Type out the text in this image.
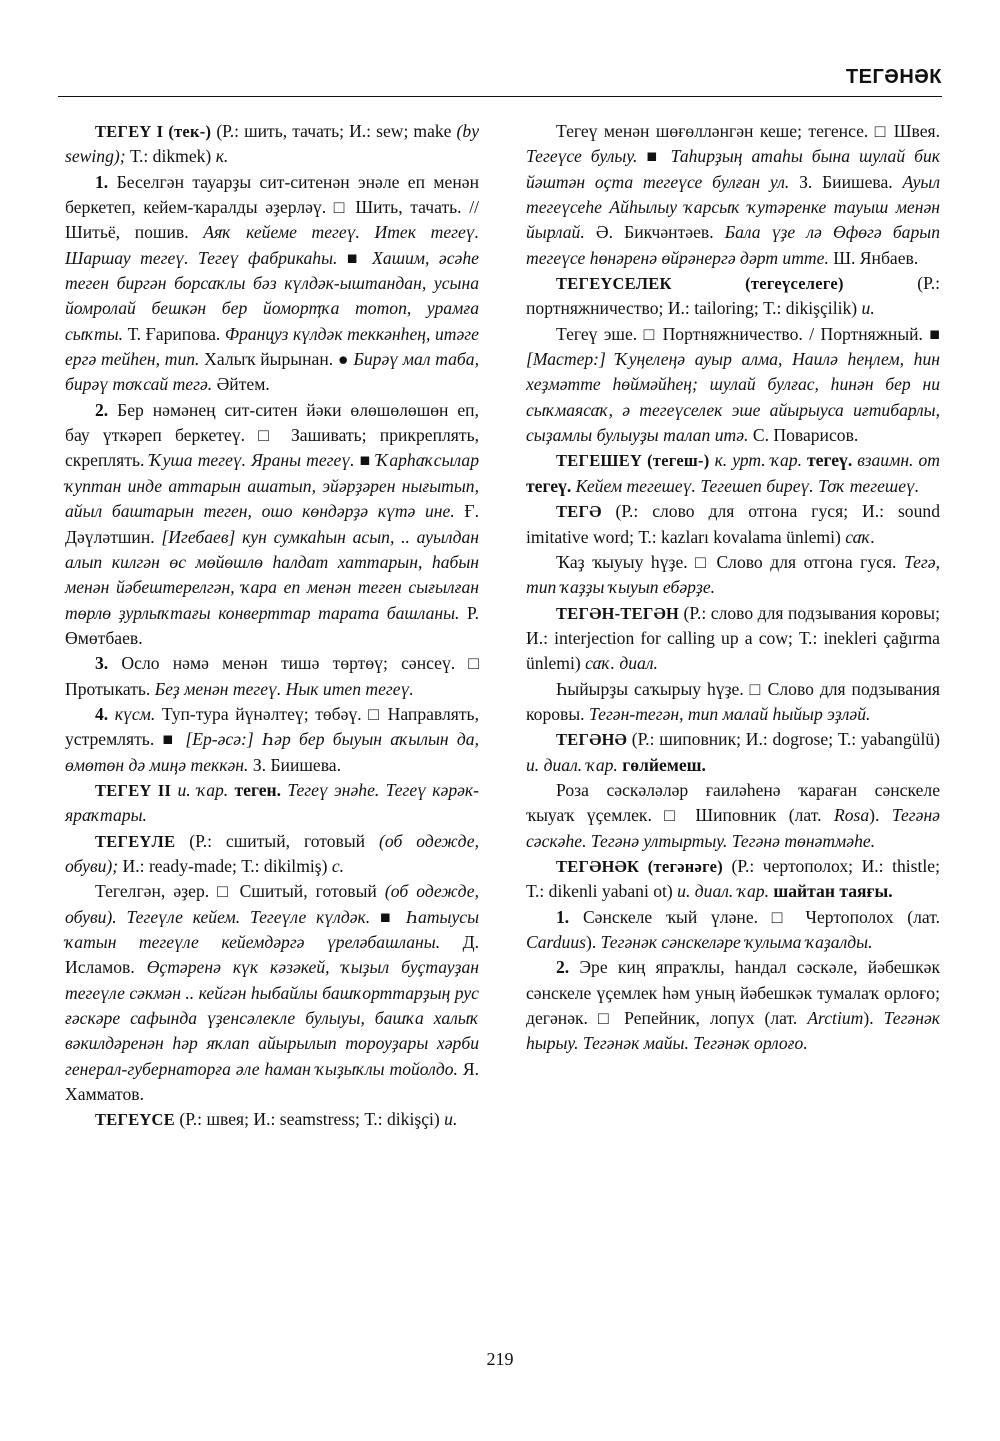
ТЕГӘНӘК

ТЕГЕҮ I (тек-) (Р.: шить, тачать; И.: sew; make (by sewing); Т.: dikmek) к.

1. Беселгән тауарҙы сит-ситенән энәле еп менән беркетеп, кейем-ҡаралды әҙерләү. □ Шить, тачать. // Шитьё, пошив. Аяҡ кейеме тегеү. Итек тегеү. Шаршау тегеү. Тегеү фабрикаһы. ■ Хашим, әсәһе теген биргән борсаҡлы бәз күлдәк-ыштандан, усына йомролай бешкән бер йоморҭҡа тотоп, урамға сыҡты. Т. Ғарипова. Француз күлдәк теккәнһең, итәге ергә тейһен, тип. Халыҡ йырынан. ● Бирәү мал таба, бирәү тоҡсай тегә. Әйтем.

2. Бер нәмәнең сит-ситен йәки өлөшөлөшөн еп, бау үткәреп беркетеү. □ Зашивать; прикреплять, скреплять. Ҡуша тегеү. Яраны тегеү. ■ Ҡарһаҡсылар ҡуптан инде аттарын ашатып, эйәрҙәрен нығытып, айыл баштарын теген, ошо көндәрҙә күтә ине. Ғ. Дәүләтшин. [Игебаев] кун сумкаһын асып, .. ауылдан алып килгән өс мөйөшлө һалдат хаттарын, һабын менән йәбештерелгән, ҡара еп менән теген сығылған төрлө ҙурлыҡтағы конверттар тарата башланы. Р. Өмөтбаев.

3. Осло нәмә менән тишә төртөү; сәнсеү. □ Протыкать. Беҙ менән тегеү. Нык итеп тегеү.

4. күсм. Туп-тура йүнәлтеү; төбәү. □ Направлять, устремлять. ■ [Ер-әсә:] Һәр бер быуын аҡылын да, өмөтөн дә миңә теккән. З. Биишева.

ТЕГЕҮ II и. ҡар. теген. Тегеү энәһе. Тегеү кәрәк-яраҡтары.

ТЕГЕҮЛЕ (Р.: сшитый, готовый (об одежде, обуви); И.: ready-made; Т.: dikilmiş) с.

Тегелгән, әҙер. □ Сшитый, готовый (об одежде, обуви). Тегеүле кейем. Тегеүле күлдәк. ■ Һатыусы ҡатын тегеүле кейемдәргә үреләбашланы. Д. Исламов. Өҫтәренә күк кәзәкей, ҡыҙыл буҫтауҙан тегеүле сәкмән .. кейгән һыбайлы башҡорттарҙың рус ғәскәре сафында үҙенсәлекле булыуы, башҡа халыҡ вәкилдәренән һәр яҡлап айырылып тороуҙары хәрби генерал-губернаторға әле һаман ҡыҙыҡлы тойолдо. Я. Хамматов.

ТЕГЕҮСЕ (Р.: швея; И.: seamstress; Т.: dikişçi) и.

Тегеү менән шөғөлләнгән кеше; тегенсе. □ Швея. Тегеүсе булыу. ■ Таһирҙың атаһы бына шулай бик йәштән оҫта тегеүсе булған ул. З. Биишева. Ауыл тегеүсеһе Айһылыу ҡарсыҡ ҡутәренке тауыш менән йырлай. Ә. Бикчәнтәев. Бала үҙе лә Өфөгә барып тегеүсе һөнәренә өйрәнергә дәрт итте. Ш. Янбаев.

ТЕГЕҮСЕЛЕК (тегеүселеге) (Р.: портняжничество; И.: tailoring; Т.: dikişçilik) и.

Тегеү эше. □ Портняжничество. / Портняжный. ■ [Мастер:] Ҡуңелеңә ауыр алма, Наилә һеңлем, һин хеҙмәтте һөймәйһең; шулай булғас, һинән бер ни сыҡмаясаҡ, ә тегеүселек эше айырыуса иғтибарлы, сыҙамлы булыуҙы талап итә. С. Поварисов.

ТЕГЕШЕҮ (тегеш-) к. урт. ҡар. тегеү. взаимн. от тегеү. Кейем тегешеү. Тегешеп биреү. Тоҡ тегешеү.

ТЕГӘ (Р.: слово для отгона гуся; И.: sound imitative word; Т.: kazları kovalama ünlemi) саҡ.

Ҡаҙ ҡыуыу һүҙе. □ Слово для отгона гуся. Тегә, тип ҡаҙҙы ҡыуып ебәрҙе.

ТЕГӘН-ТЕГӘН (Р.: слово для подзывания коровы; И.: interjection for calling up a cow; Т.: inekleri çağırma ünlemi) саҡ. диал.

Һыйырҙы саҡырыу һүҙе. □ Слово для подзывания коровы. Тегән-тегән, тип малай һыйыр эҙләй.

ТЕГӘНӘ (Р.: шиповник; И.: dogrose; Т.: yabangülü) и. диал. ҡар. гөлйемеш.

Роза сәскәләләр ғаиләһенә ҡараған сәнскеле ҡыуаҡ үҫемлек. □ Шиповник (лат. Rosa). Тегәнә сәскәһе. Тегәнә ултыртыу. Тегәнә төнәтмәһе.

ТЕГӘНӘК (тегәнәге) (Р.: чертополох; И.: thistle; Т.: dikenli yabani ot) и. диал. ҡар. шайтан таяғы.

1. Сәнскеле ҡый үләне. □ Чертополох (лат. Carduus). Тегәнәк сәнскеләре ҡулыма ҡаҙалды.

2. Эре киң япраҡлы, һандал сәскәле, йәбешкәк сәнскеле үҫемлек һәм уның йәбешкәк тумалаҡ орлоғо; дегәнәк. □ Репейник, лопух (лат. Arctium). Тегәнәк һырыу. Тегәнәк майы. Тегәнәк орлоғо.

219
